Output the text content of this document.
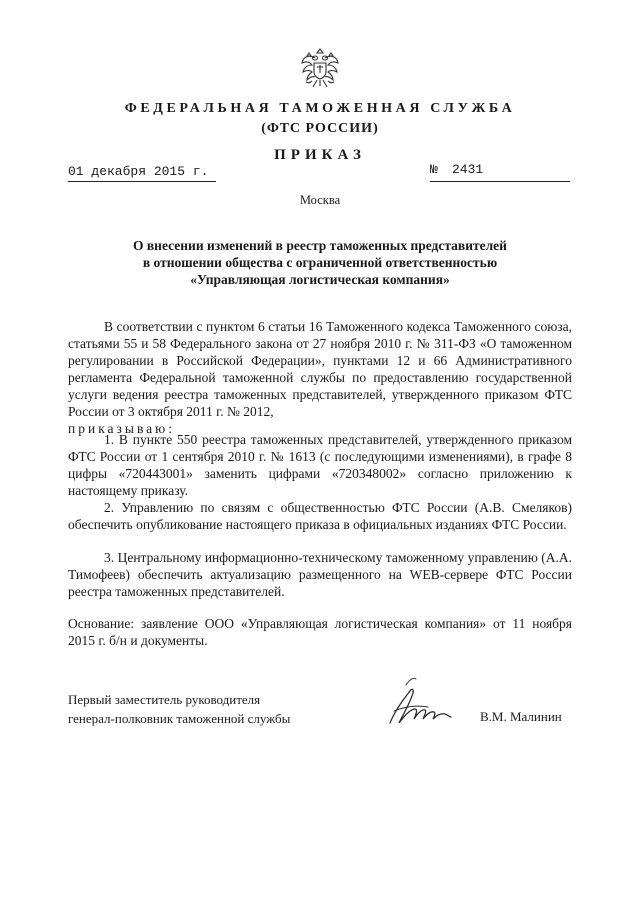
ФЕДЕРАЛЬНАЯ ТАМОЖЕННАЯ СЛУЖБА
(ФТС РОССИИ)
ПРИКАЗ
01 декабря 2015 г.	№ 2431
Москва
О внесении изменений в реестр таможенных представителей
в отношении общества с ограниченной ответственностью
«Управляющая логистическая компания»
В соответствии с пунктом 6 статьи 16 Таможенного кодекса Таможенного союза, статьями 55 и 58 Федерального закона от 27 ноября 2010 г. № 311-ФЗ «О таможенном регулировании в Российской Федерации», пунктами 12 и 66 Административного регламента Федеральной таможенной службы по предоставлению государственной услуги ведения реестра таможенных представителей, утвержденного приказом ФТС России от 3 октября 2011 г. № 2012,
приказываю:
1. В пункте 550 реестра таможенных представителей, утвержденного приказом ФТС России от 1 сентября 2010 г. № 1613 (с последующими изменениями), в графе 8 цифры «720443001» заменить цифрами «720348002» согласно приложению к настоящему приказу.
2. Управлению по связям с общественностью ФТС России (А.В. Смеляков) обеспечить опубликование настоящего приказа в официальных изданиях ФТС России.
3. Центральному информационно-техническому таможенному управлению (А.А. Тимофеев) обеспечить актуализацию размещенного на WEB-сервере ФТС России реестра таможенных представителей.
Основание: заявление ООО «Управляющая логистическая компания» от 11 ноября 2015 г. б/н и документы.
Первый заместитель руководителя
генерал-полковник таможенной службы	В.М. Малинин
